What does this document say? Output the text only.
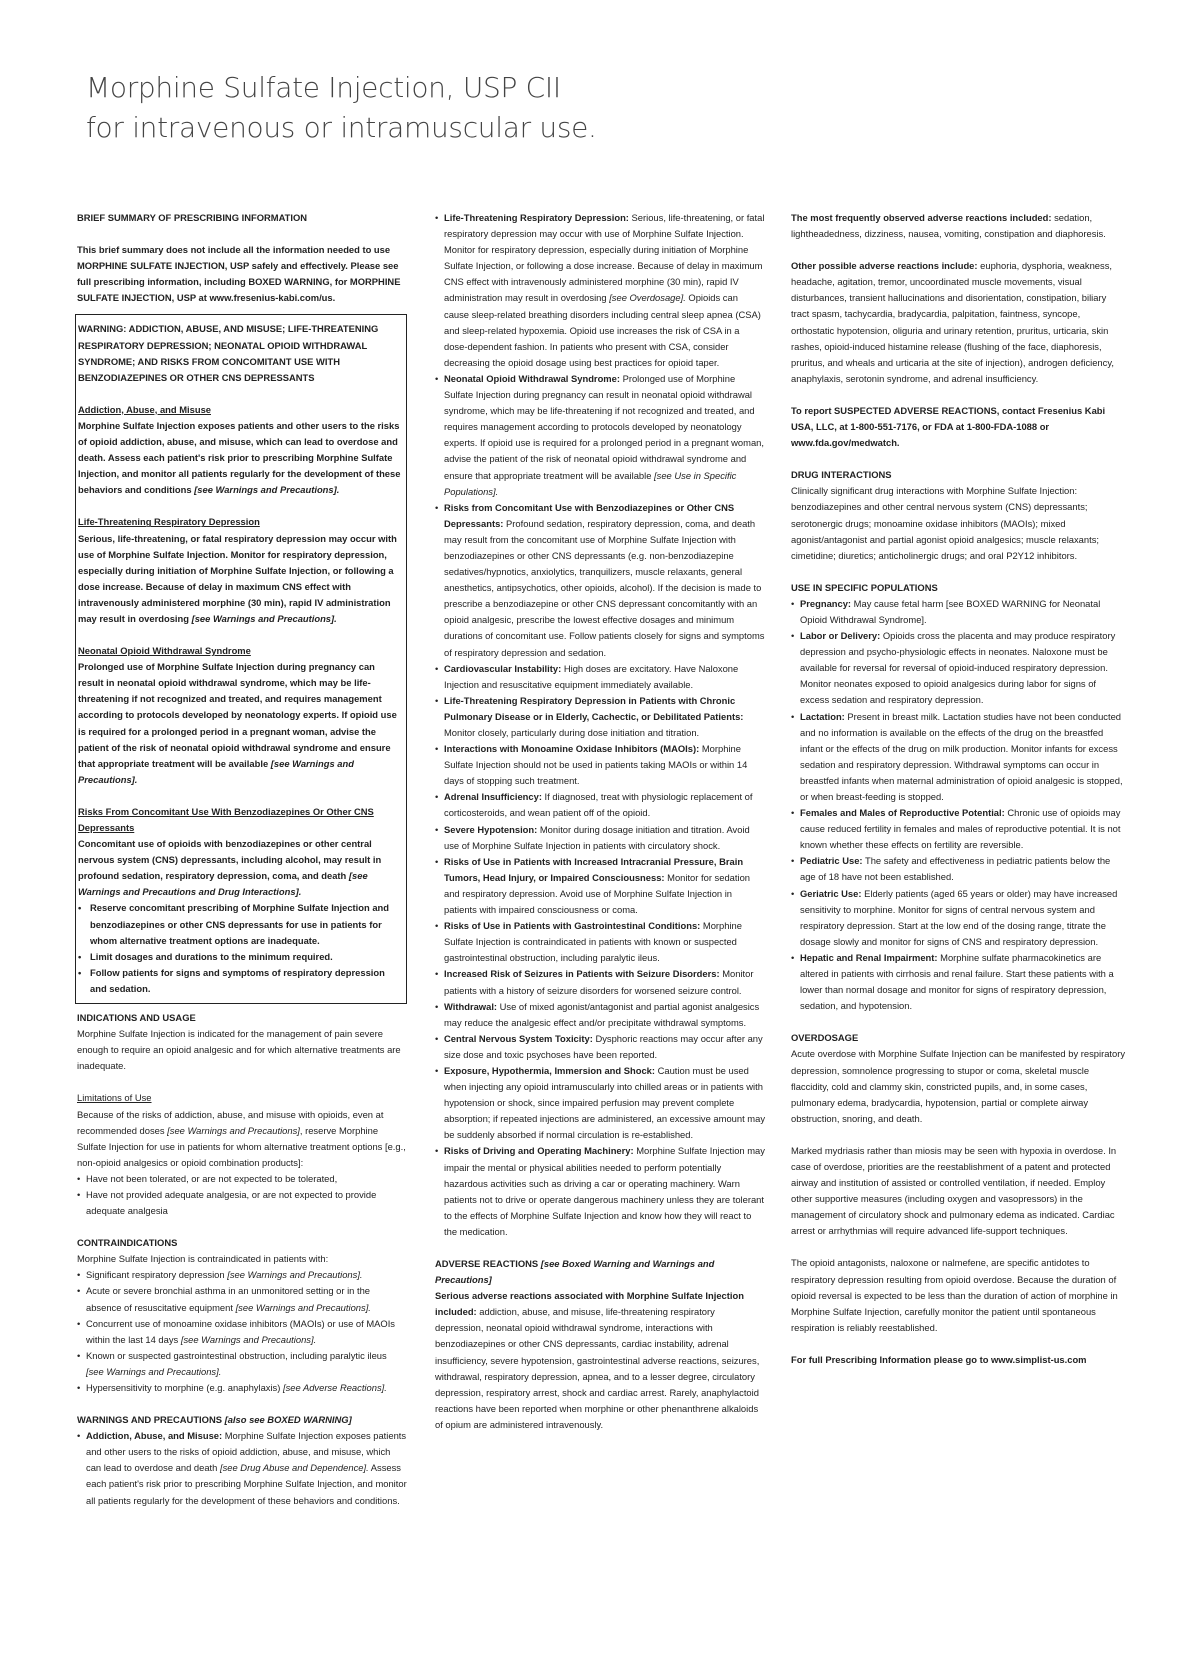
Morphine Sulfate Injection, USP CII
for intravenous or intramuscular use.

BRIEF SUMMARY OF PRESCRIBING INFORMATION

This brief summary does not include all the information needed to use MORPHINE SULFATE INJECTION, USP safely and effectively. Please see full prescribing information, including BOXED WARNING, for MORPHINE SULFATE INJECTION, USP at www.fresenius-kabi.com/us.

WARNING: ADDICTION, ABUSE, AND MISUSE; LIFE-THREATENING RESPIRATORY DEPRESSION; NEONATAL OPIOID WITHDRAWAL SYNDROME; AND RISKS FROM CONCOMITANT USE WITH BENZODIAZEPINES OR OTHER CNS DEPRESSANTS

Addiction, Abuse, and Misuse

Morphine Sulfate Injection exposes patients and other users to the risks of opioid addiction, abuse, and misuse, which can lead to overdose and death. Assess each patient's risk prior to prescribing Morphine Sulfate Injection, and monitor all patients regularly for the development of these behaviors and conditions [see Warnings and Precautions].

Life-Threatening Respiratory Depression

Serious, life-threatening, or fatal respiratory depression may occur with use of Morphine Sulfate Injection. Monitor for respiratory depression, especially during initiation of Morphine Sulfate Injection, or following a dose increase. Because of delay in maximum CNS effect with intravenously administered morphine (30 min), rapid IV administration may result in overdosing [see Warnings and Precautions].

Neonatal Opioid Withdrawal Syndrome

Prolonged use of Morphine Sulfate Injection during pregnancy can result in neonatal opioid withdrawal syndrome, which may be life-threatening if not recognized and treated, and requires management according to protocols developed by neonatology experts. If opioid use is required for a prolonged period in a pregnant woman, advise the patient of the risk of neonatal opioid withdrawal syndrome and ensure that appropriate treatment will be available [see Warnings and Precautions].

Risks From Concomitant Use With Benzodiazepines Or Other CNS Depressants

Concomitant use of opioids with benzodiazepines or other central nervous system (CNS) depressants, including alcohol, may result in profound sedation, respiratory depression, coma, and death [see Warnings and Precautions and Drug Interactions].

• Reserve concomitant prescribing of Morphine Sulfate Injection and benzodiazepines or other CNS depressants for use in patients for whom alternative treatment options are inadequate.
• Limit dosages and durations to the minimum required.
• Follow patients for signs and symptoms of respiratory depression and sedation.

INDICATIONS AND USAGE

Morphine Sulfate Injection is indicated for the management of pain severe enough to require an opioid analgesic and for which alternative treatments are inadequate.

Limitations of Use

Because of the risks of addiction, abuse, and misuse with opioids, even at recommended doses [see Warnings and Precautions], reserve Morphine Sulfate Injection for use in patients for whom alternative treatment options [e.g., non-opioid analgesics or opioid combination products]:

• Have not been tolerated, or are not expected to be tolerated,
• Have not provided adequate analgesia, or are not expected to provide adequate analgesia

CONTRAINDICATIONS

Morphine Sulfate Injection is contraindicated in patients with:

• Significant respiratory depression [see Warnings and Precautions].
• Acute or severe bronchial asthma in an unmonitored setting or in the absence of resuscitative equipment [see Warnings and Precautions].
• Concurrent use of monoamine oxidase inhibitors (MAOIs) or use of MAOIs within the last 14 days [see Warnings and Precautions].
• Known or suspected gastrointestinal obstruction, including paralytic ileus [see Warnings and Precautions].
• Hypersensitivity to morphine (e.g. anaphylaxis) [see Adverse Reactions].

WARNINGS AND PRECAUTIONS [also see BOXED WARNING]

• Addiction, Abuse, and Misuse: Morphine Sulfate Injection exposes patients and other users to the risks of opioid addiction, abuse, and misuse, which can lead to overdose and death [see Drug Abuse and Dependence]. Assess each patient's risk prior to prescribing Morphine Sulfate Injection, and monitor all patients regularly for the development of these behaviors and conditions.
• Life-Threatening Respiratory Depression: Serious, life-threatening, or fatal respiratory depression may occur with use of Morphine Sulfate Injection. Monitor for respiratory depression, especially during initiation of Morphine Sulfate Injection, or following a dose increase. Because of delay in maximum CNS effect with intravenously administered morphine (30 min), rapid IV administration may result in overdosing [see Overdosage]. Opioids can cause sleep-related breathing disorders including central sleep apnea (CSA) and sleep-related hypoxemia. Opioid use increases the risk of CSA in a dose-dependent fashion. In patients who present with CSA, consider decreasing the opioid dosage using best practices for opioid taper.
• Neonatal Opioid Withdrawal Syndrome: Prolonged use of Morphine Sulfate Injection during pregnancy can result in neonatal opioid withdrawal syndrome, which may be life-threatening if not recognized and treated, and requires management according to protocols developed by neonatology experts. If opioid use is required for a prolonged period in a pregnant woman, advise the patient of the risk of neonatal opioid withdrawal syndrome and ensure that appropriate treatment will be available [see Use in Specific Populations].
• Risks from Concomitant Use with Benzodiazepines or Other CNS Depressants: Profound sedation, respiratory depression, coma, and death may result from the concomitant use of Morphine Sulfate Injection with benzodiazepines or other CNS depressants (e.g. non-benzodiazepine sedatives/hypnotics, anxiolytics, tranquilizers, muscle relaxants, general anesthetics, antipsychotics, other opioids, alcohol). If the decision is made to prescribe a benzodiazepine or other CNS depressant concomitantly with an opioid analgesic, prescribe the lowest effective dosages and minimum durations of concomitant use. Follow patients closely for signs and symptoms of respiratory depression and sedation.
• Cardiovascular Instability: High doses are excitatory. Have Naloxone Injection and resuscitative equipment immediately available.
• Life-Threatening Respiratory Depression in Patients with Chronic Pulmonary Disease or in Elderly, Cachectic, or Debilitated Patients: Monitor closely, particularly during dose initiation and titration.
• Interactions with Monoamine Oxidase Inhibitors (MAOIs): Morphine Sulfate Injection should not be used in patients taking MAOIs or within 14 days of stopping such treatment.
• Adrenal Insufficiency: If diagnosed, treat with physiologic replacement of corticosteroids, and wean patient off of the opioid.
• Severe Hypotension: Monitor during dosage initiation and titration. Avoid use of Morphine Sulfate Injection in patients with circulatory shock.
• Risks of Use in Patients with Increased Intracranial Pressure, Brain Tumors, Head Injury, or Impaired Consciousness: Monitor for sedation and respiratory depression. Avoid use of Morphine Sulfate Injection in patients with impaired consciousness or coma.
• Risks of Use in Patients with Gastrointestinal Conditions: Morphine Sulfate Injection is contraindicated in patients with known or suspected gastrointestinal obstruction, including paralytic ileus.
• Increased Risk of Seizures in Patients with Seizure Disorders: Monitor patients with a history of seizure disorders for worsened seizure control.
• Withdrawal: Use of mixed agonist/antagonist and partial agonist analgesics may reduce the analgesic effect and/or precipitate withdrawal symptoms.
• Central Nervous System Toxicity: Dysphoric reactions may occur after any size dose and toxic psychoses have been reported.
• Exposure, Hypothermia, Immersion and Shock: Caution must be used when injecting any opioid intramuscularly into chilled areas or in patients with hypotension or shock, since impaired perfusion may prevent complete absorption; if repeated injections are administered, an excessive amount may be suddenly absorbed if normal circulation is re-established.
• Risks of Driving and Operating Machinery: Morphine Sulfate Injection may impair the mental or physical abilities needed to perform potentially hazardous activities such as driving a car or operating machinery. Warn patients not to drive or operate dangerous machinery unless they are tolerant to the effects of Morphine Sulfate Injection and know how they will react to the medication.

ADVERSE REACTIONS [see Boxed Warning and Warnings and Precautions]

Serious adverse reactions associated with Morphine Sulfate Injection included: addiction, abuse, and misuse, life-threatening respiratory depression, neonatal opioid withdrawal syndrome, interactions with benzodiazepines or other CNS depressants, cardiac instability, adrenal insufficiency, severe hypotension, gastrointestinal adverse reactions, seizures, withdrawal, respiratory depression, apnea, and to a lesser degree, circulatory depression, respiratory arrest, shock and cardiac arrest. Rarely, anaphylactoid reactions have been reported when morphine or other phenanthrene alkaloids of opium are administered intravenously.

The most frequently observed adverse reactions included: sedation, lightheadedness, dizziness, nausea, vomiting, constipation and diaphoresis.

Other possible adverse reactions include: euphoria, dysphoria, weakness, headache, agitation, tremor, uncoordinated muscle movements, visual disturbances, transient hallucinations and disorientation, constipation, biliary tract spasm, tachycardia, bradycardia, palpitation, faintness, syncope, orthostatic hypotension, oliguria and urinary retention, pruritus, urticaria, skin rashes, opioid-induced histamine release (flushing of the face, diaphoresis, pruritus, and wheals and urticaria at the site of injection), androgen deficiency, anaphylaxis, serotonin syndrome, and adrenal insufficiency.

To report SUSPECTED ADVERSE REACTIONS, contact Fresenius Kabi USA, LLC, at 1-800-551-7176, or FDA at 1-800-FDA-1088 or www.fda.gov/medwatch.

DRUG INTERACTIONS

Clinically significant drug interactions with Morphine Sulfate Injection: benzodiazepines and other central nervous system (CNS) depressants; serotonergic drugs; monoamine oxidase inhibitors (MAOIs); mixed agonist/antagonist and partial agonist opioid analgesics; muscle relaxants; cimetidine; diuretics; anticholinergic drugs; and oral P2Y12 inhibitors.

USE IN SPECIFIC POPULATIONS

• Pregnancy: May cause fetal harm [see BOXED WARNING for Neonatal Opioid Withdrawal Syndrome].
• Labor or Delivery: Opioids cross the placenta and may produce respiratory depression and psycho-physiologic effects in neonates. Naloxone must be available for reversal for reversal of opioid-induced respiratory depression. Monitor neonates exposed to opioid analgesics during labor for signs of excess sedation and respiratory depression.
• Lactation: Present in breast milk. Lactation studies have not been conducted and no information is available on the effects of the drug on the breastfed infant or the effects of the drug on milk production. Monitor infants for excess sedation and respiratory depression. Withdrawal symptoms can occur in breastfed infants when maternal administration of opioid analgesic is stopped, or when breast-feeding is stopped.
• Females and Males of Reproductive Potential: Chronic use of opioids may cause reduced fertility in females and males of reproductive potential. It is not known whether these effects on fertility are reversible.
• Pediatric Use: The safety and effectiveness in pediatric patients below the age of 18 have not been established.
• Geriatric Use: Elderly patients (aged 65 years or older) may have increased sensitivity to morphine. Monitor for signs of central nervous system and respiratory depression. Start at the low end of the dosing range, titrate the dosage slowly and monitor for signs of CNS and respiratory depression.
• Hepatic and Renal Impairment: Morphine sulfate pharmacokinetics are altered in patients with cirrhosis and renal failure. Start these patients with a lower than normal dosage and monitor for signs of respiratory depression, sedation, and hypotension.

OVERDOSAGE

Acute overdose with Morphine Sulfate Injection can be manifested by respiratory depression, somnolence progressing to stupor or coma, skeletal muscle flaccidity, cold and clammy skin, constricted pupils, and, in some cases, pulmonary edema, bradycardia, hypotension, partial or complete airway obstruction, snoring, and death.

Marked mydriasis rather than miosis may be seen with hypoxia in overdose. In case of overdose, priorities are the reestablishment of a patent and protected airway and institution of assisted or controlled ventilation, if needed. Employ other supportive measures (including oxygen and vasopressors) in the management of circulatory shock and pulmonary edema as indicated. Cardiac arrest or arrhythmias will require advanced life-support techniques.

The opioid antagonists, naloxone or nalmefene, are specific antidotes to respiratory depression resulting from opioid overdose. Because the duration of opioid reversal is expected to be less than the duration of action of morphine in Morphine Sulfate Injection, carefully monitor the patient until spontaneous respiration is reliably reestablished.

For full Prescribing Information please go to www.simplist-us.com
